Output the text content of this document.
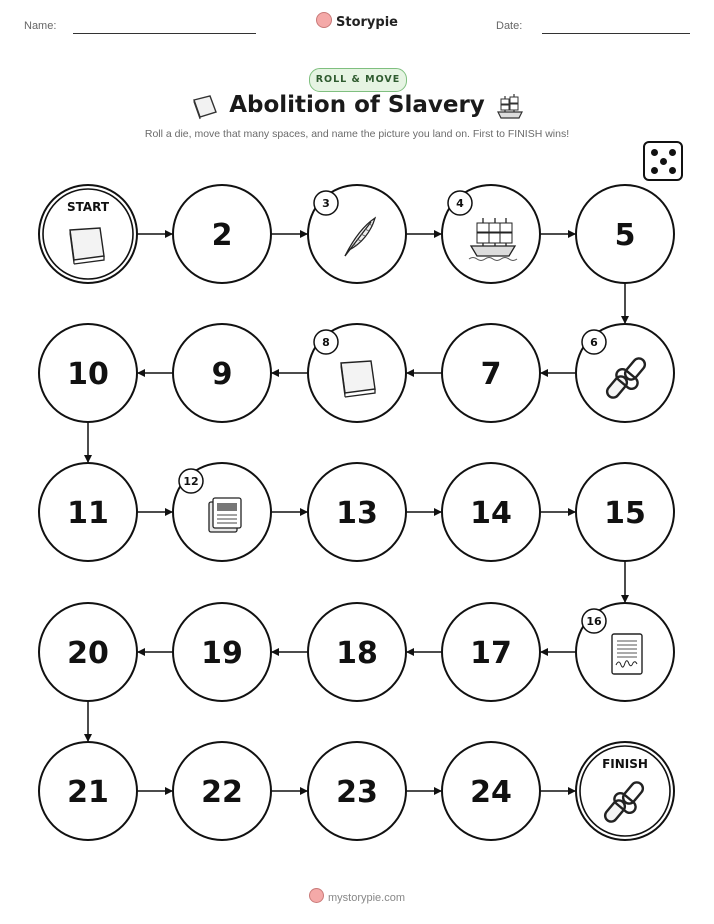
Name:	Storypie	Date:
ROLL & MOVE
Abolition of Slavery
Roll a die, move that many spaces, and name the picture you land on. First to FINISH wins!
START
2
3	4
5
6
7
8
9
10
11
12
13	14	15
16
17
18
19
20
21	22	23	24
FINISH
mystorypie.com
